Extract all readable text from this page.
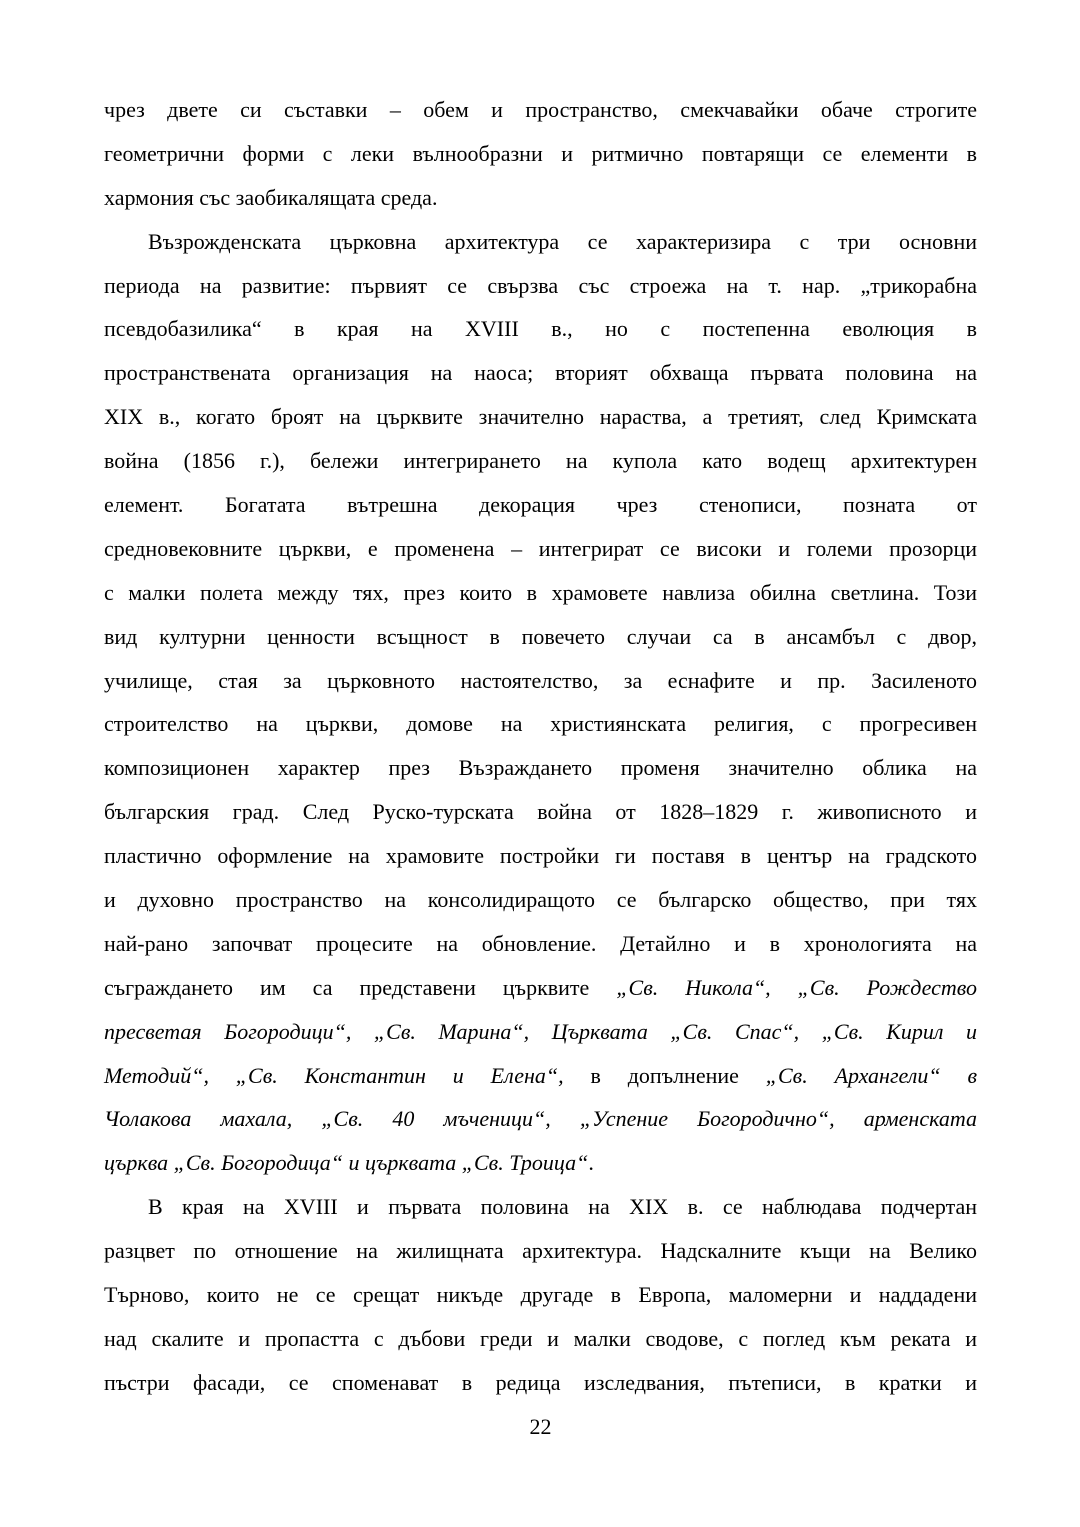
чрез двете си съставки – обем и пространство, смекчавайки обаче строгите
геометрични форми с леки вълнообразни и ритмично повтарящи се елементи в
хармония със заобикалящата среда.
Възрожденската църковна архитектура се характеризира с три основни
периода на развитие: първият се свързва със строежа на т. нар. „трикорабна
псевдобазилика“ в края на XVIII в., но с постепенна еволюция в
пространствената организация на наоса; вторият обхваща първата половина на
XIX в., когато броят на църквите значително нараства, а третият, след Кримската
война (1856 г.), бележи интегрирането на купола като водещ архитектурен
елемент. Богатата вътрешна декорация чрез стенописи, позната от
средновековните църкви, е променена – интегрират се високи и големи прозорци
с малки полета между тях, през които в храмовете навлиза обилна светлина. Този
вид културни ценности всъщност в повечето случаи са в ансамбъл с двор,
училище, стая за църковното настоятелство, за еснафите и пр. Засиленото
строителство на църкви, домове на християнската религия, с прогресивен
композиционен характер през Възраждането променя значително облика на
българския град. След Руско-турската война от 1828–1829 г. живописното и
пластично оформление на храмовите постройки ги поставя в център на градското
и духовно пространство на консолидиращото се българско общество, при тях
най-рано започват процесите на обновление. Детайлно и в хронологията на
съграждането им са представени църквите „Св. Никола“, „Св. Рождество
пресветая Богородици“, „Св. Марина“, Църквата „Св. Спас“, „Св. Кирил и
Методий“, „Св. Константин и Елена“, в допълнение „Св. Архангели“ в
Чолакова махала, „Св. 40 мъченици“, „Успение Богородично“, арменската
църква „Св. Богородица“ и църквата „Св. Троица“.
В края на XVIII и първата половина на XIX в. се наблюдава подчертан
разцвет по отношение на жилищната архитектура. Надскалните къщи на Велико
Търново, които не се срещат никъде другаде в Европа, маломерни и наддадени
над скалите и пропастта с дъбови греди и малки сводове, с поглед към реката и
пъстри фасади, се споменават в редица изследвания, пътеписи, в кратки и
22
